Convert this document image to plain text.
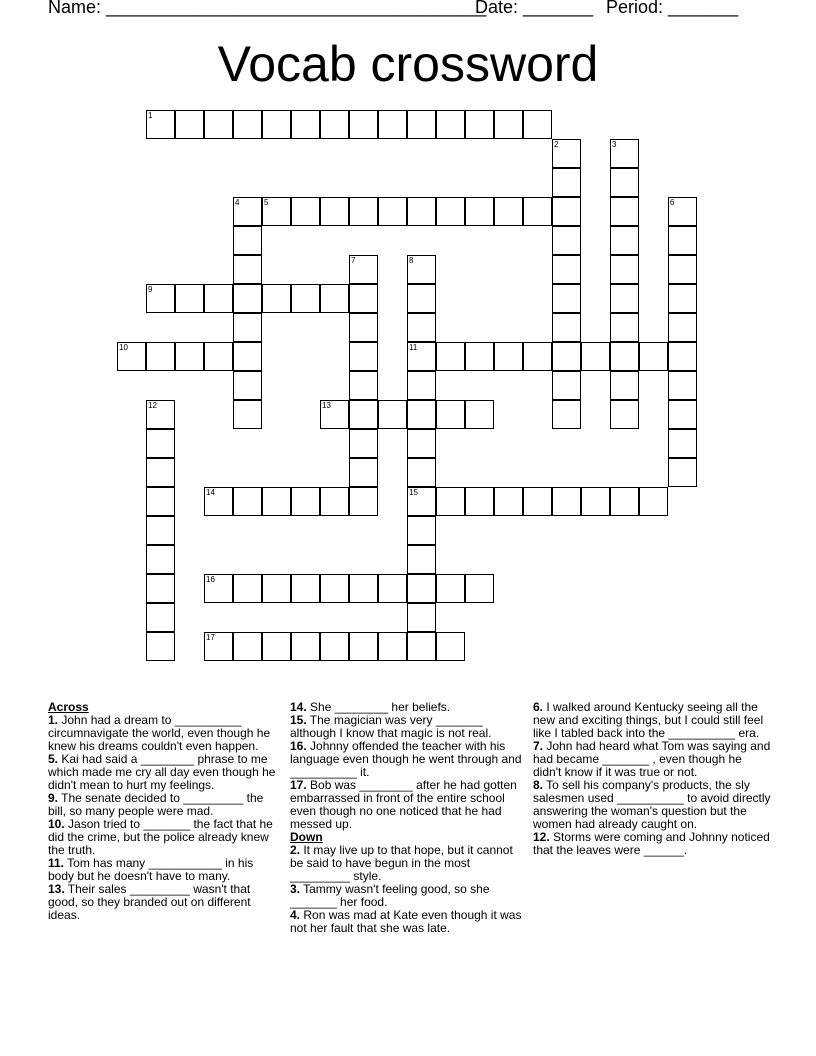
Name: ______________________________________
Date: _______ Period: _______
Vocab crossword
1
2	3
4	5	6
7	8
9
10	11
12	13
14	15
16
17

Across

1. John had a dream to __________ circumnavigate the world, even though he knew his dreams couldn't even happen.

5. Kai had said a ________ phrase to me which made me cry all day even though he didn't mean to hurt my feelings.

9. The senate decided to _________ the bill, so many people were mad.

10. Jason tried to _______ the fact that he did the crime, but the police already knew the truth.

11. Tom has many ___________ in his body but he doesn't have to many.

13. Their sales _________ wasn't that good, so they branded out on different ideas.

14. She ________ her beliefs.

15. The magician was very _______ although I know that magic is not real.

16. Johnny offended the teacher with his language even though he went through and __________ it.

17. Bob was ________ after he had gotten embarrassed in front of the entire school even though no one noticed that he had messed up.

Down

2. It may live up to that hope, but it cannot be said to have begun in the most _________ style.

3. Tammy wasn't feeling good, so she _______ her food.

4. Ron was mad at Kate even though it was not her fault that she was late.

6. I walked around Kentucky seeing all the new and exciting things, but I could still feel like I tabled back into the __________ era.

7. John had heard what Tom was saying and had became _______ , even though he didn't know if it was true or not.

8. To sell his company's products, the sly salesmen used __________ to avoid directly answering the woman's question but the women had already caught on.

12. Storms were coming and Johnny noticed that the leaves were ______.
